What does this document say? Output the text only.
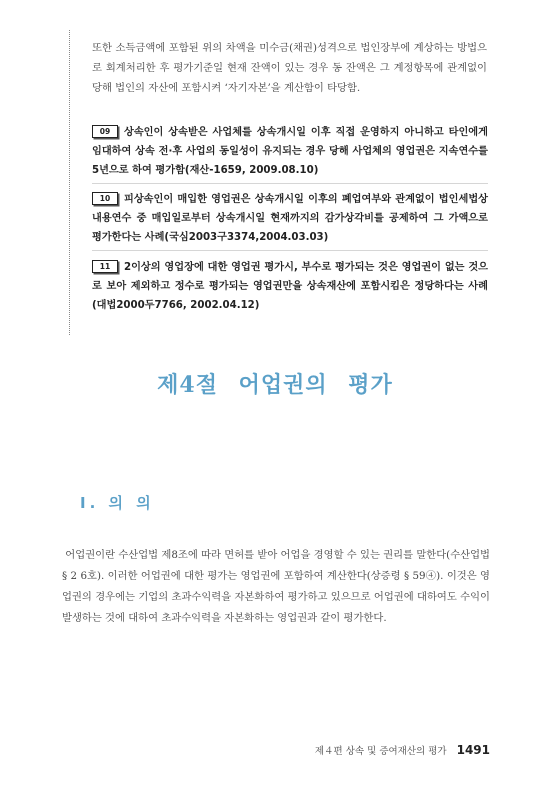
또한 소득금액에 포함된 위의 차액을 미수금(채권)성격으로 법인장부에 계상하는 방법으로 회계처리한 후 평가기준일 현재 잔액이 있는 경우 동 잔액은 그 계정항목에 관계없이 당해 법인의 자산에 포함시켜 ‘자기자본’을 계산함이 타당함.

09 상속인이 상속받은 사업체를 상속개시일 이후 직접 운영하지 아니하고 타인에게 임대하여 상속 전·후 사업의 동일성이 유지되는 경우 당해 사업체의 영업권은 지속연수를 5년으로 하여 평가함(재산-1659, 2009.08.10)

10 피상속인이 매입한 영업권은 상속개시일 이후의 폐업여부와 관계없이 법인세법상 내용연수 중 매입일로부터 상속개시일 현재까지의 감가상각비를 공제하여 그 가액으로 평가한다는 사례(국심2003구3374,2004.03.03)

11 2이상의 영업장에 대한 영업권 평가시, 부수로 평가되는 것은 영업권이 없는 것으로 보아 제외하고 정수로 평가되는 영업권만을 상속재산에 포함시킴은 정당하다는 사례(대법2000두7766, 2002.04.12)

제4절 어업권의 평가
Ⅰ. 의 의

어업권이란 수산업법 제8조에 따라 면허를 받아 어업을 경영할 수 있는 권리를 말한다(수산업법 § 2 6호). 이러한 어업권에 대한 평가는 영업권에 포함하여 계산한다(상증령 § 59④). 이것은 영업권의 경우에는 기업의 초과수익력을 자본화하여 평가하고 있으므로 어업권에 대하여도 수익이 발생하는 것에 대하여 초과수익력을 자본화하는 영업권과 같이 평가한다.

제４편 상속 및 증여재산의 평가 1491
